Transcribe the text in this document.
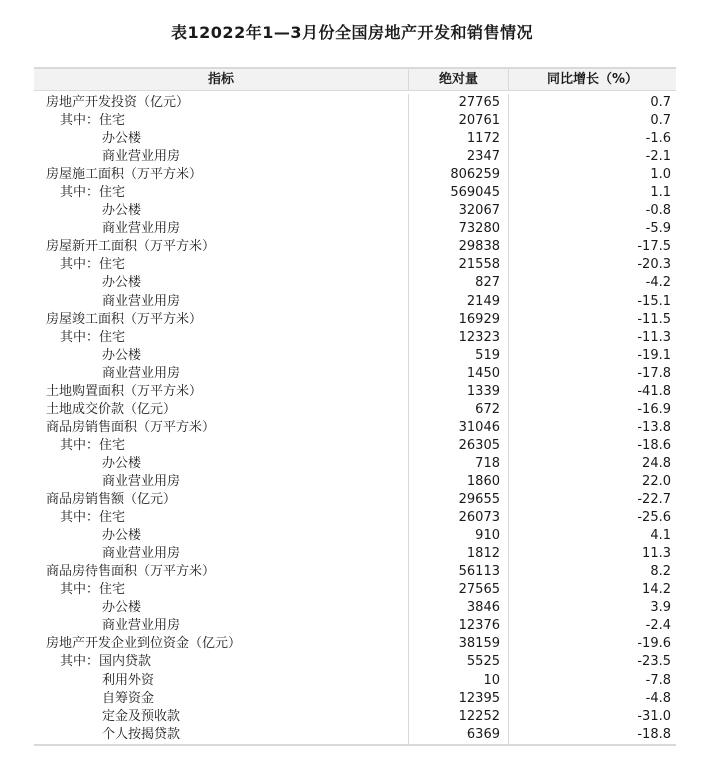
表12022年1—3月份全国房地产开发和销售情况
指标	绝对量	同比增长（%）
房地产开发投资（亿元）	27765	0.7
其中：住宅	20761	0.7
办公楼	1172	-1.6
商业营业用房	2347	-2.1
房屋施工面积（万平方米）	806259	1.0
其中：住宅	569045	1.1
办公楼	32067	-0.8
商业营业用房	73280	-5.9
房屋新开工面积（万平方米）	29838	-17.5
其中：住宅	21558	-20.3
办公楼	827	-4.2
商业营业用房	2149	-15.1
房屋竣工面积（万平方米）	16929	-11.5
其中：住宅	12323	-11.3
办公楼	519	-19.1
商业营业用房	1450	-17.8
土地购置面积（万平方米）	1339	-41.8
土地成交价款（亿元）	672	-16.9
商品房销售面积（万平方米）	31046	-13.8
其中：住宅	26305	-18.6
办公楼	718	24.8
商业营业用房	1860	22.0
商品房销售额（亿元）	29655	-22.7
其中：住宅	26073	-25.6
办公楼	910	4.1
商业营业用房	1812	11.3
商品房待售面积（万平方米）	56113	8.2
其中：住宅	27565	14.2
办公楼	3846	3.9
商业营业用房	12376	-2.4
房地产开发企业到位资金（亿元）	38159	-19.6
其中：国内贷款	5525	-23.5
利用外资	10	-7.8
自筹资金	12395	-4.8
定金及预收款	12252	-31.0
个人按揭贷款	6369	-18.8
